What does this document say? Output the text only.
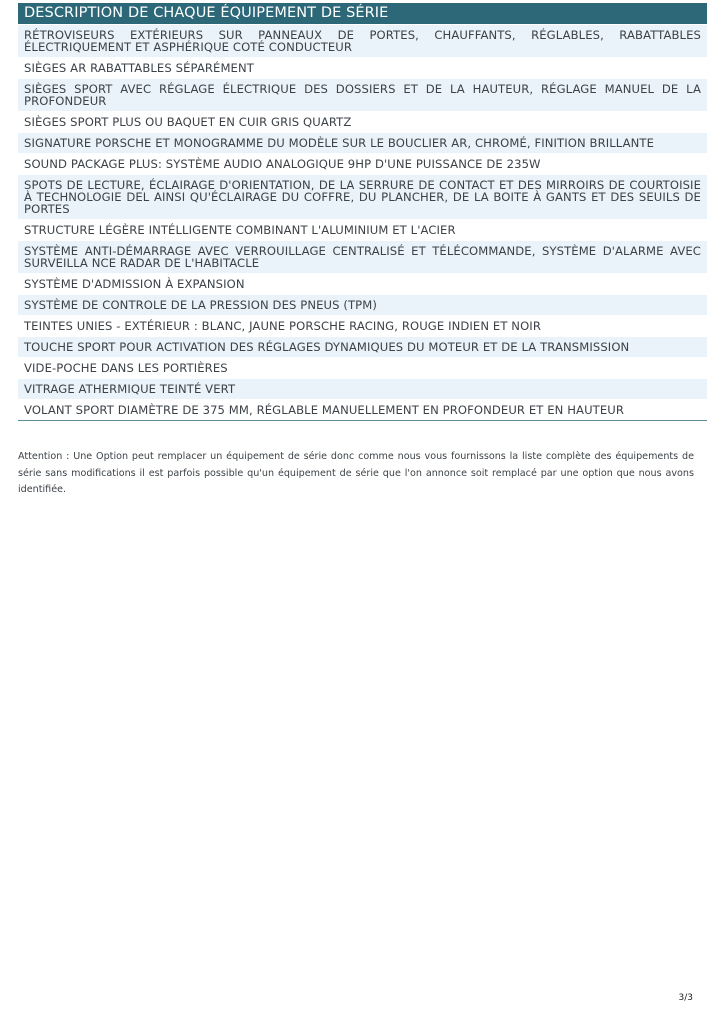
DESCRIPTION DE CHAQUE ÉQUIPEMENT DE SÉRIE
RÉTROVISEURS EXTÉRIEURS SUR PANNEAUX DE PORTES, CHAUFFANTS, RÉGLABLES, RABATTABLES ÉLECTRIQUEMENT ET ASPHÉRIQUE COTÉ CONDUCTEUR
SIÈGES AR RABATTABLES SÉPARÉMENT
SIÈGES SPORT AVEC RÉGLAGE ÉLECTRIQUE DES DOSSIERS ET DE LA HAUTEUR, RÉGLAGE MANUEL DE LA PROFONDEUR
SIÈGES SPORT PLUS OU BAQUET EN CUIR GRIS QUARTZ
SIGNATURE PORSCHE ET MONOGRAMME DU MODÈLE SUR LE BOUCLIER AR, CHROMÉ, FINITION BRILLANTE
SOUND PACKAGE PLUS: SYSTÈME AUDIO ANALOGIQUE 9HP D'UNE PUISSANCE DE 235W
SPOTS DE LECTURE, ÉCLAIRAGE D'ORIENTATION, DE LA SERRURE DE CONTACT ET DES MIRROIRS DE COURTOISIE À TECHNOLOGIE DEL AINSI QU'ÉCLAIRAGE DU COFFRE, DU PLANCHER, DE LA BOITE À GANTS ET DES SEUILS DE PORTES
STRUCTURE LÉGÈRE INTÉLLIGENTE COMBINANT L'ALUMINIUM ET L'ACIER
SYSTÈME ANTI-DÉMARRAGE AVEC VERROUILLAGE CENTRALISÉ ET TÉLÉCOMMANDE, SYSTÈME D'ALARME AVEC SURVEILLA NCE RADAR DE L'HABITACLE
SYSTÈME D'ADMISSION À EXPANSION
SYSTÈME DE CONTROLE DE LA PRESSION DES PNEUS (TPM)
TEINTES UNIES - EXTÉRIEUR : BLANC, JAUNE PORSCHE RACING, ROUGE INDIEN ET NOIR
TOUCHE SPORT POUR ACTIVATION DES RÉGLAGES DYNAMIQUES DU MOTEUR ET DE LA TRANSMISSION
VIDE-POCHE DANS LES PORTIÈRES
VITRAGE ATHERMIQUE TEINTÉ VERT
VOLANT SPORT DIAMÈTRE DE 375 MM, RÉGLABLE MANUELLEMENT EN PROFONDEUR ET EN HAUTEUR
Attention : Une Option peut remplacer un équipement de série donc comme nous vous fournissons la liste complète des équipements de série sans modifications il est parfois possible qu'un équipement de série que l'on annonce soit remplacé par une option que nous avons identifiée.
3/3
